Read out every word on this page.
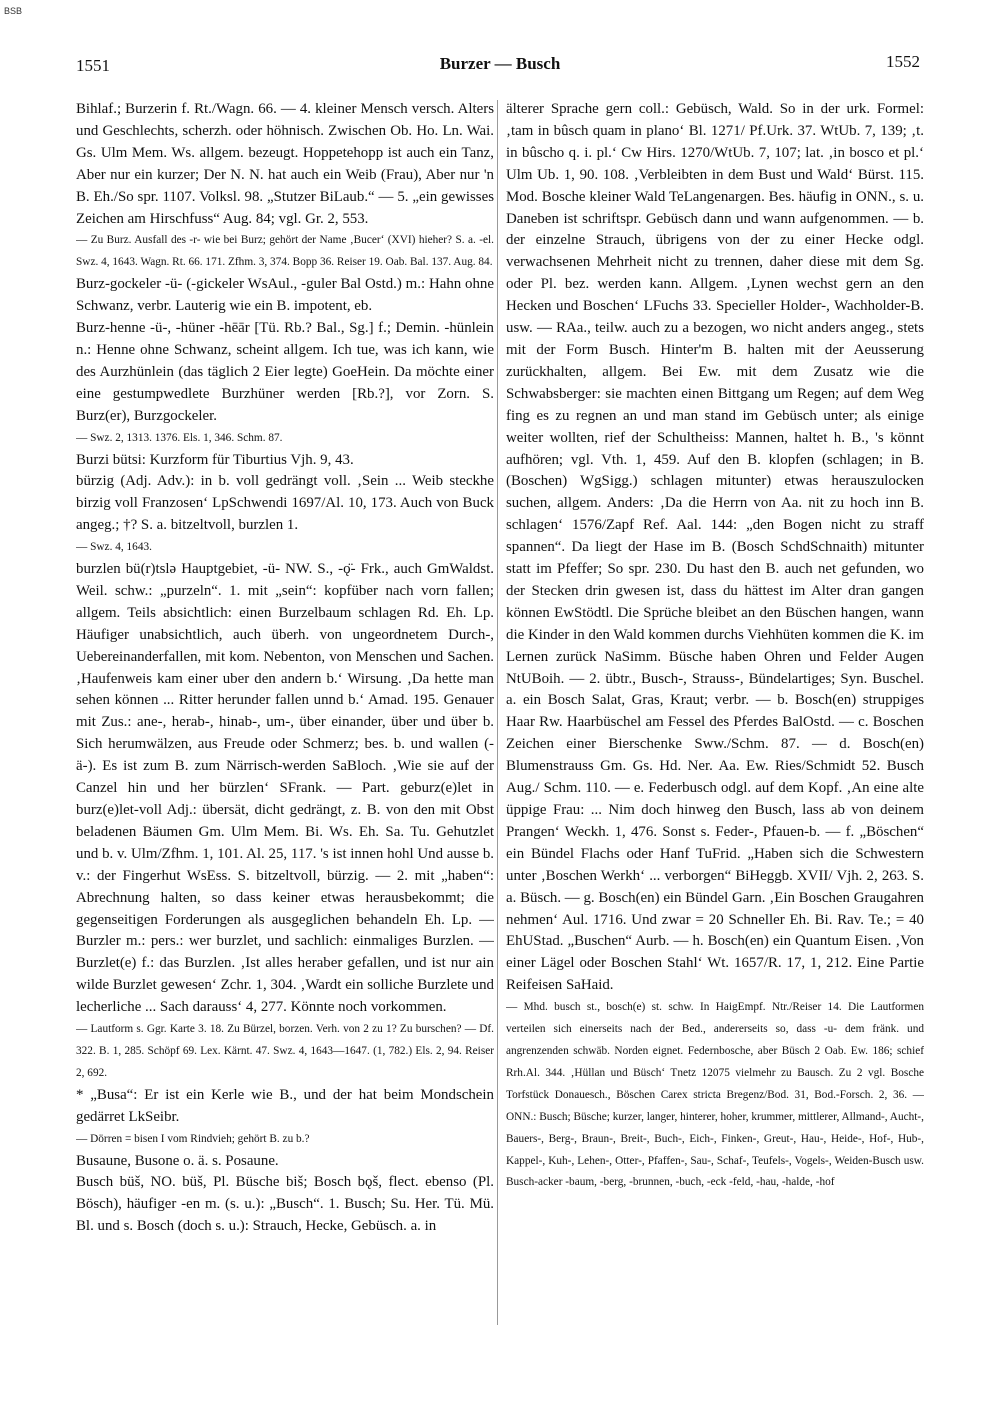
BSB
1551	Burzer — Busch	1552

Bihlaf.; Burzerin f. Rt./Wagn. 66. — 4. kleiner Mensch versch. Alters und Geschlechts, scherzh. oder höhnisch. Zwischen Ob. Ho. Ln. Wai. Gs. Ulm Mem. Ws. allgem. bezeugt. Hoppetehopp ist auch ein Tanz, Aber nur ein kurzer; Der N. N. hat auch ein Weib (Frau), Aber nur 'n B. Eh./So spr. 1107. Volksl. 98. „Stutzer BiLaub.“ — 5. „ein gewisses Zeichen am Hirschfuss“ Aug. 84; vgl. Gr. 2, 553.

— Zu Burz. Ausfall des -r- wie bei Burz; gehört der Name ‚Bucer‘ (XVI) hieher? S. a. -el. Swz. 4, 1643. Wagn. Rt. 66. 171. Zfhm. 3, 374. Bopp 36. Reiser 19. Oab. Bal. 137. Aug. 84.

Burz-gockeler -ü- (-gickeler WsAul., -guler Bal Ostd.) m.: Hahn ohne Schwanz, verbr. Lauterig wie ein B. impotent, eb.

Burz-henne -ü-, -hüner -hēār [Tü. Rb.? Bal., Sg.] f.; Demin. -hünlein n.: Henne ohne Schwanz, scheint allgem. Ich tue, was ich kann, wie des Aurzhünlein (das täglich 2 Eier legte) GoeHein. Da möchte einer eine gestumpwedlete Burzhüner werden [Rb.?], vor Zorn. S. Burz(er), Burzgockeler.

— Swz. 2, 1313. 1376. Els. 1, 346. Schm. 87.

Burzi bütsi: Kurzform für Tiburtius Vjh. 9, 43.

bürzig (Adj. Adv.): in b. voll gedrängt voll. ‚Sein ... Weib steckhe birzig voll Franzosen‘ LpSchwendi 1697/Al. 10, 173. Auch von Buck angeg.; †? S. a. bitzeltvoll, burzlen 1.

— Swz. 4, 1643.

burzlen bü(r)tslə Hauptgebiet, -ü- NW. S., -ǫ̈- Frk., auch GmWaldst. Weil. schw.: „purzeln“. 1. mit „sein“: kopfüber nach vorn fallen; allgem. Teils absichtlich: einen Burzelbaum schlagen Rd. Eh. Lp. Häufiger unabsichtlich, auch überh. von ungeordnetem Durch-, Uebereinanderfallen, mit kom. Nebenton, von Menschen und Sachen. ‚Haufenweis kam einer uber den andern b.‘ Wirsung. ‚Da hette man sehen können ... Ritter herunder fallen unnd b.‘ Amad. 195. Genauer mit Zus.: ane-, herab-, hinab-, um-, über einander, über und über b. Sich herumwälzen, aus Freude oder Schmerz; bes. b. und wallen (-ä-). Es ist zum B. zum Närrisch-werden SaBloch. ‚Wie sie auf der Canzel hin und her bürzlen‘ SFrank. — Part. geburz(e)let in burz(e)let-voll Adj.: übersät, dicht gedrängt, z. B. von den mit Obst beladenen Bäumen Gm. Ulm Mem. Bi. Ws. Eh. Sa. Tu. Gehutzlet und b. v. Ulm/Zfhm. 1, 101. Al. 25, 117. 's ist innen hohl Und ausse b. v.: der Fingerhut WsEss. S. bitzeltvoll, bürzig. — 2. mit „haben“: Abrechnung halten, so dass keiner etwas herausbekommt; die gegenseitigen Forderungen als ausgeglichen behandeln Eh. Lp. — Burzler m.: pers.: wer burzlet, und sachlich: einmaliges Burzlen. — Burzlet(e) f.: das Burzlen. ‚Ist alles heraber gefallen, und ist nur ain wilde Burzlet gewesen‘ Zchr. 1, 304. ‚Wardt ein solliche Burzlete und lecherliche ... Sach darauss‘ 4, 277. Könnte noch vorkommen.

— Lautform s. Ggr. Karte 3. 18. Zu Bürzel, borzen. Verh. von 2 zu 1? Zu burschen? — Df. 322. B. 1, 285. Schöpf 69. Lex. Kärnt. 47. Swz. 4, 1643—1647. (1, 782.) Els. 2, 94. Reiser 2, 692.

* „Busa“: Er ist ein Kerle wie B., und der hat beim Mondschein gedärret LkSeibr.

— Dörren = bisen I vom Rindvieh; gehört B. zu b.?

Busaune, Busone o. ä. s. Posaune.

Busch büš, NO. büš, Pl. Büsche biš; Bosch bǫš, flect. ebenso (Pl. Bösch), häufiger -en m. (s. u.): „Busch“. 1. Busch; Su. Her. Tü. Mü. Bl. und s. Bosch (doch s. u.): Strauch, Hecke, Gebüsch. a. in

älterer Sprache gern coll.: Gebüsch, Wald. So in der urk. Formel: ‚tam in bûsch quam in plano‘ Bl. 1271/ Pf.Urk. 37. WtUb. 7, 139; ‚t. in bûscho q. i. pl.‘ Cw Hirs. 1270/WtUb. 7, 107; lat. ‚in bosco et pl.‘ Ulm Ub. 1, 90. 108. ‚Verbleibten in dem Bust und Wald‘ Bürst. 115. Mod. Bosche kleiner Wald TeLangenargen. Bes. häufig in ONN., s. u. Daneben ist schriftspr. Gebüsch dann und wann aufgenommen. — b. der einzelne Strauch, übrigens von der zu einer Hecke odgl. verwachsenen Mehrheit nicht zu trennen, daher diese mit dem Sg. oder Pl. bez. werden kann. Allgem. ‚Lynen wechst gern an den Hecken und Boschen‘ LFuchs 33. Specieller Holder-, Wachholder-B. usw. — RAa., teilw. auch zu a bezogen, wo nicht anders angeg., stets mit der Form Busch. Hinter'm B. halten mit der Aeusserung zurückhalten, allgem. Bei Ew. mit dem Zusatz wie die Schwabsberger: sie machten einen Bittgang um Regen; auf dem Weg fing es zu regnen an und man stand im Gebüsch unter; als einige weiter wollten, rief der Schultheiss: Mannen, haltet h. B., 's könnt aufhören; vgl. Vth. 1, 459. Auf den B. klopfen (schlagen; in B. (Boschen) WgSigg.) schlagen mitunter) etwas herauszulocken suchen, allgem. Anders: ‚Da die Herrn von Aa. nit zu hoch inn B. schlagen‘ 1576/Zapf Ref. Aal. 144: „den Bogen nicht zu straff spannen“. Da liegt der Hase im B. (Bosch SchdSchnaith) mitunter statt im Pfeffer; So spr. 230. Du hast den B. auch net gefunden, wo der Stecken drin gwesen ist, dass du hättest im Alter dran gangen können EwStödtl. Die Sprüche bleibet an den Büschen hangen, wann die Kinder in den Wald kommen durchs Viehhüten kommen die K. im Lernen zurück NaSimm. Büsche haben Ohren und Felder Augen NtUBoih. — 2. übtr., Busch-, Strauss-, Bündelartiges; Syn. Buschel. a. ein Bosch Salat, Gras, Kraut; verbr. — b. Bosch(en) struppiges Haar Rw. Haarbüschel am Fessel des Pferdes BalOstd. — c. Boschen Zeichen einer Bierschenke Sww./Schm. 87. — d. Bosch(en) Blumenstrauss Gm. Gs. Hd. Ner. Aa. Ew. Ries/Schmidt 52. Busch Aug./ Schm. 110. — e. Federbusch odgl. auf dem Kopf. ‚An eine alte üppige Frau: ... Nim doch hinweg den Busch, lass ab von deinem Prangen‘ Weckh. 1, 476. Sonst s. Feder-, Pfauen-b. — f. „Böschen“ ein Bündel Flachs oder Hanf TuFrid. „Haben sich die Schwestern unter ‚Boschen Werkh‘ ... verborgen“ BiHeggb. XVII/ Vjh. 2, 263. S. a. Büsch. — g. Bosch(en) ein Bündel Garn. ‚Ein Boschen Graugahren nehmen‘ Aul. 1716. Und zwar = 20 Schneller Eh. Bi. Rav. Te.; = 40 EhUStad. „Buschen“ Aurb. — h. Bosch(en) ein Quantum Eisen. ‚Von einer Lägel oder Boschen Stahl‘ Wt. 1657/R. 17, 1, 212. Eine Partie Reifeisen SaHaid.

— Mhd. busch st., bosch(e) st. schw. In HaigEmpf. Ntr./Reiser 14. Die Lautformen verteilen sich einerseits nach der Bed., andererseits so, dass -u- dem fränk. und angrenzenden schwäb. Norden eignet. Federnbosche, aber Büsch 2 Oab. Ew. 186; schief Rrh.Al. 344. ‚Hüllan und Büsch‘ Tnetz 12075 vielmehr zu Bausch. Zu 2 vgl. Bosche Torfstück Donauesch., Böschen Carex stricta Bregenz/Bod. 31, Bod.-Forsch. 2, 36. — ONN.: Busch; Büsche; kurzer, langer, hinterer, hoher, krummer, mittlerer, Allmand-, Aucht-, Bauers-, Berg-, Braun-, Breit-, Buch-, Eich-, Finken-, Greut-, Hau-, Heide-, Hof-, Hub-, Kappel-, Kuh-, Lehen-, Otter-, Pfaffen-, Sau-, Schaf-, Teufels-, Vogels-, Weiden-Busch usw. Busch-acker -baum, -berg, -brunnen, -buch, -eck -feld, -hau, -halde, -hof
